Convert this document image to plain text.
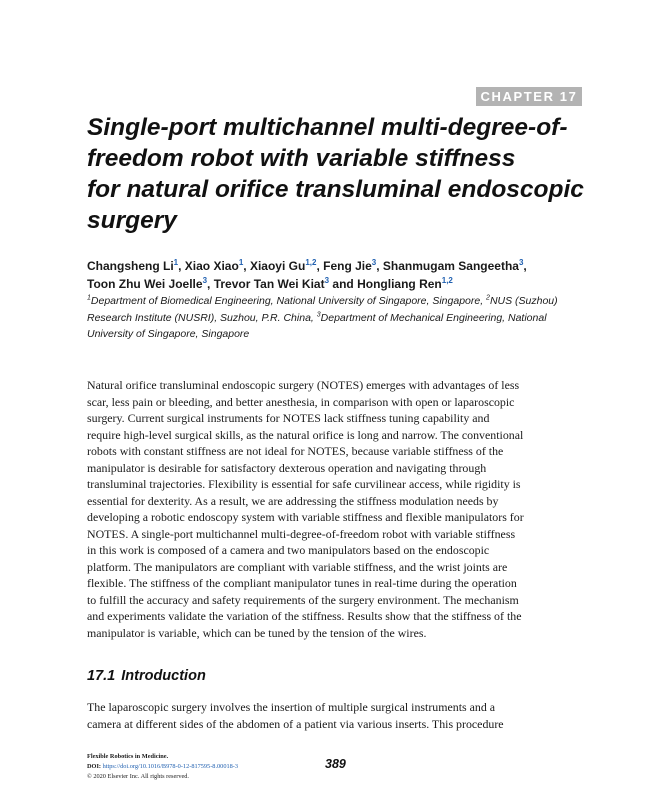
CHAPTER 17
Single-port multichannel multi-degree-of-
freedom robot with variable stiffness
for natural orifice transluminal endoscopic
surgery
Changsheng Li$^1$, Xiao Xiao$^1$, Xiaoyi Gu$^{1,2}$, Feng Jie$^3$, Shanmugam Sangeetha$^3$,
Toon Zhu Wei Joelle$^3$, Trevor Tan Wei Kiat$^3$ and Hongliang Ren$^{1,2}$
$^1$Department of Biomedical Engineering, National University of Singapore, Singapore, $^2$NUS (Suzhou)
Research Institute (NUSRI), Suzhou, P.R. China, $^3$Department of Mechanical Engineering, National
University of Singapore, Singapore
Natural orifice transluminal endoscopic surgery (NOTES) emerges with advantages of less
scar, less pain or bleeding, and better anesthesia, in comparison with open or laparoscopic
surgery. Current surgical instruments for NOTES lack stiffness tuning capability and
require high-level surgical skills, as the natural orifice is long and narrow. The conventional
robots with constant stiffness are not ideal for NOTES, because variable stiffness of the
manipulator is desirable for satisfactory dexterous operation and navigating through
transluminal trajectories. Flexibility is essential for safe curvilinear access, while rigidity is
essential for dexterity. As a result, we are addressing the stiffness modulation needs by
developing a robotic endoscopy system with variable stiffness and flexible manipulators for
NOTES. A single-port multichannel multi-degree-of-freedom robot with variable stiffness
in this work is composed of a camera and two manipulators based on the endoscopic
platform. The manipulators are compliant with variable stiffness, and the wrist joints are
flexible. The stiffness of the compliant manipulator tunes in real-time during the operation
to fulfill the accuracy and safety requirements of the surgery environment. The mechanism
and experiments validate the variation of the stiffness. Results show that the stiffness of the
manipulator is variable, which can be tuned by the tension of the wires.
17.1 Introduction
The laparoscopic surgery involves the insertion of multiple surgical instruments and a
camera at different sides of the abdomen of a patient via various inserts. This procedure
Flexible Robotics in Medicine.
DOI: https://doi.org/10.1016/B978-0-12-817595-8.00018-3
© 2020 Elsevier Inc. All rights reserved.
389
